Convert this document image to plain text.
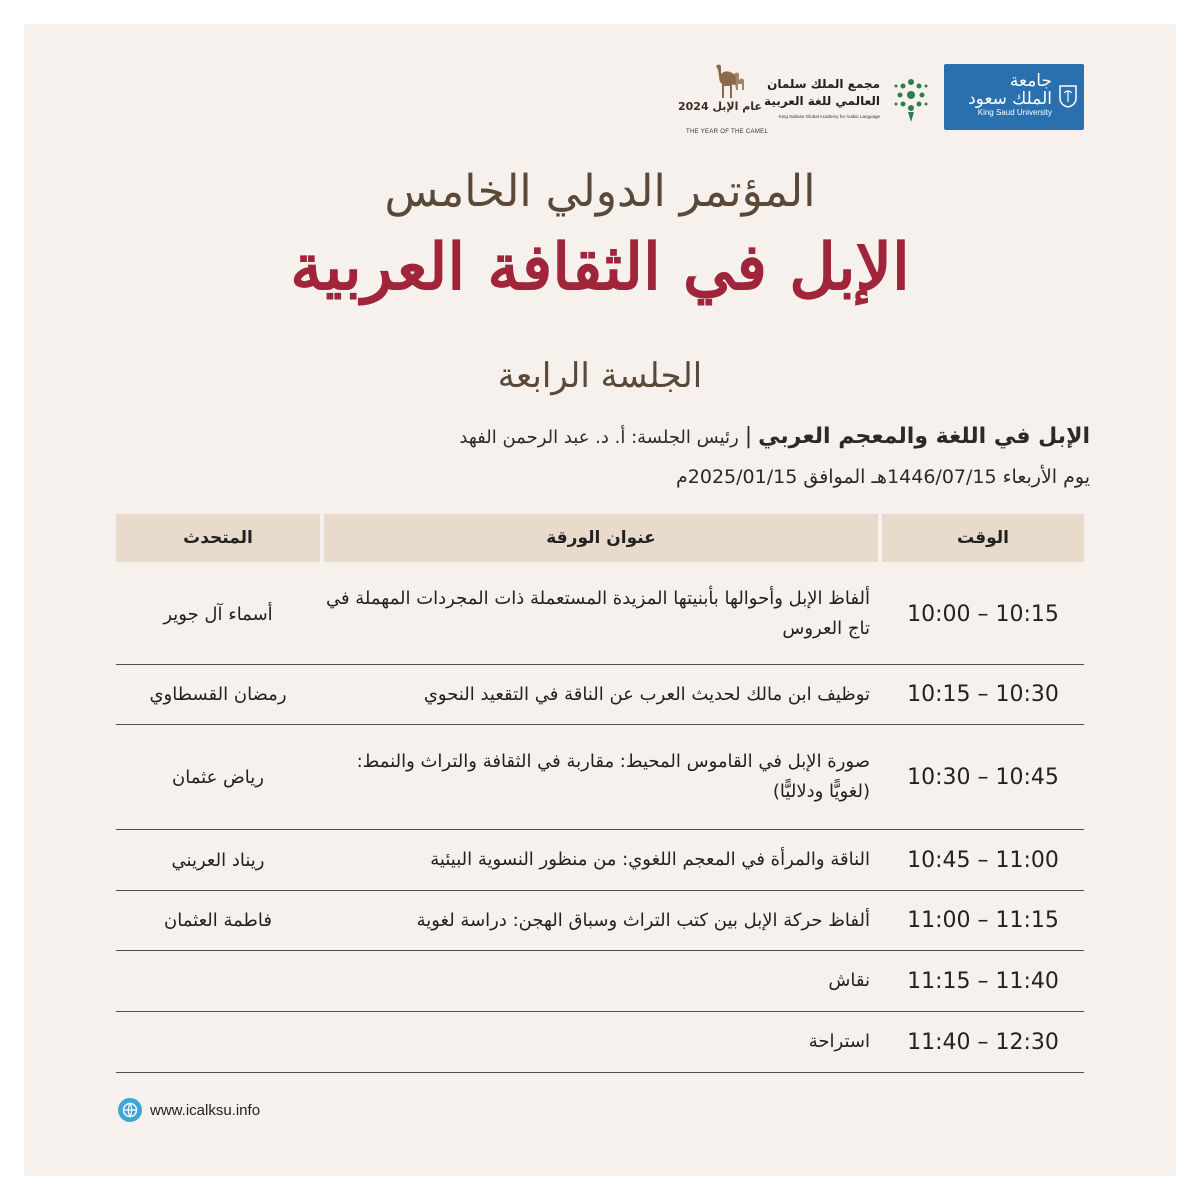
جامعة
الملك سعود
King Saud University
مجمع الملك سلمان
العالمي للغة العربية
King Salman Global Academy for Arabic Language
عام الإبل 2024
THE YEAR OF THE CAMEL
المؤتمر الدولي الخامس
الإبل في الثقافة العربية
الجلسة الرابعة
الإبل في اللغة والمعجم العربي|رئيس الجلسة: أ. د. عبد الرحمن الفهد
يوم الأربعاء 1446/07/15هـ الموافق 2025/01/15م
الوقت
عنوان الورقة
المتحدث
10:00 – 10:15
ألفاظ الإبل وأحوالها بأبنيتها المزيدة المستعملة ذات المجردات المهملة في تاج العروس
أسماء آل جوير
10:15 – 10:30
توظيف ابن مالك لحديث العرب عن الناقة في التقعيد النحوي
رمضان القسطاوي
10:30 – 10:45
صورة الإبل في القاموس المحيط: مقاربة في الثقافة والتراث والنمط: (لغويًّا ودلاليًّا)
رياض عثمان
10:45 – 11:00
الناقة والمرأة في المعجم اللغوي: من منظور النسوية البيئية
ريناد العريني
11:00 – 11:15
ألفاظ حركة الإبل بين كتب التراث وسباق الهجن: دراسة لغوية
فاطمة العثمان
11:15 – 11:40
نقاش
11:40 – 12:30
استراحة
www.icalksu.info
